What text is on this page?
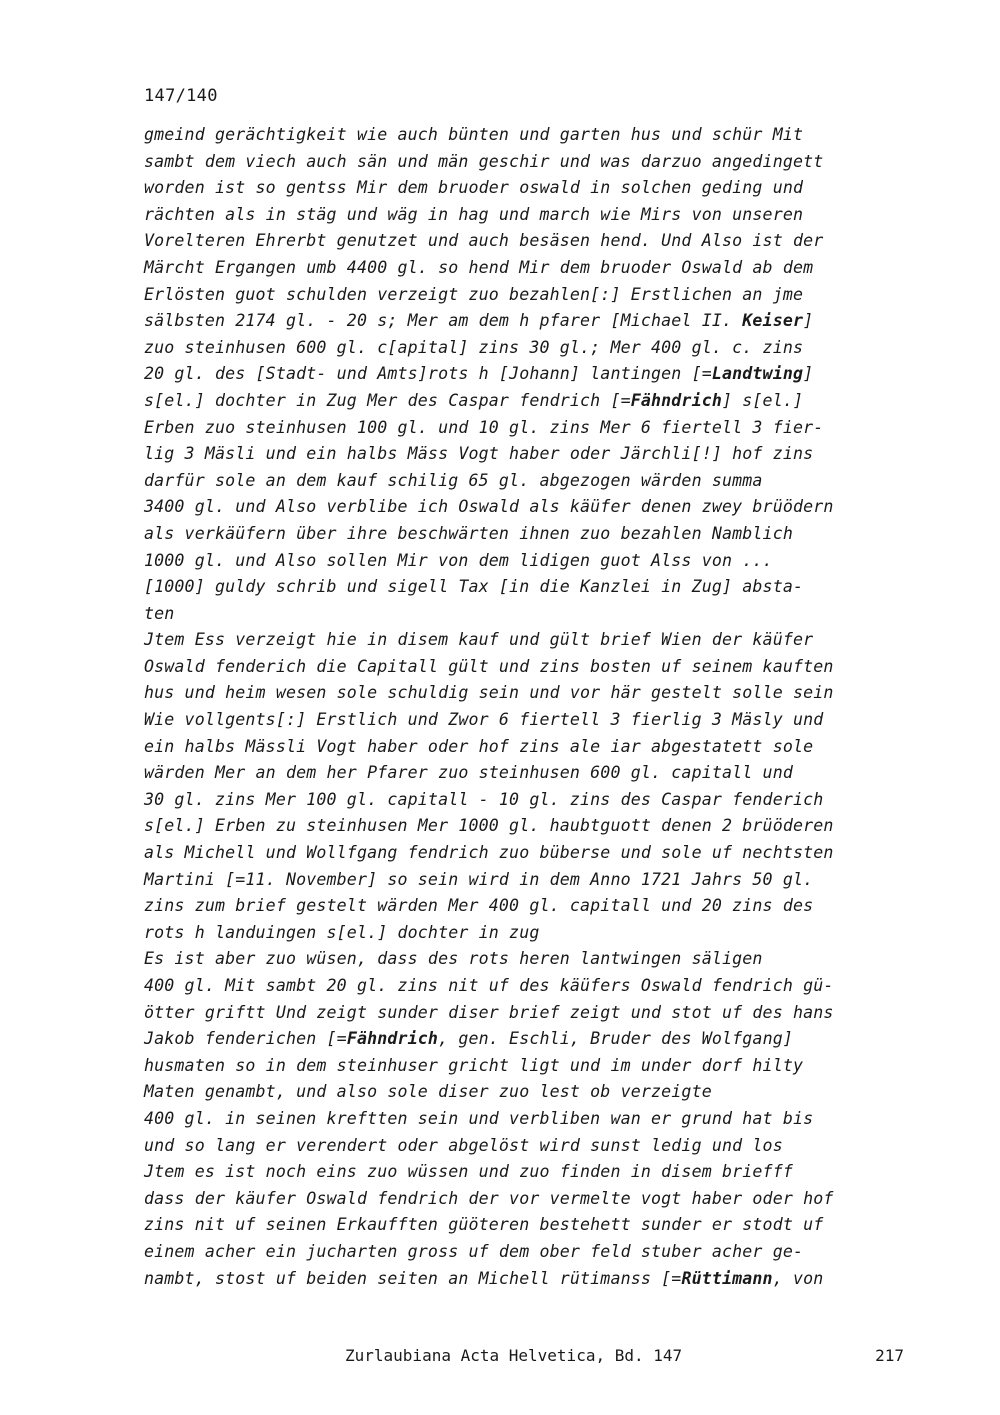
147/140
gmeind gerächtigkeit wie auch bünten und garten hus und schür Mit
sambt dem viech auch sän und män geschir und was darzuo angedingett
worden ist so gentss Mir dem bruoder oswald in solchen geding und
rächten als in stäg und wäg in hag und march wie Mirs von unseren
Vorelteren Ehrerbt genutzet und auch besäsen hend. Und Also ist der
Märcht Ergangen umb 4400 gl. so hend Mir dem bruoder Oswald ab dem
Erlösten guot schulden verzeigt zuo bezahlen[:] Erstlichen an jme
sälbsten 2174 gl. - 20 s; Mer am dem h pfarer [Michael II. Keiser]
zuo steinhusen 600 gl. c[apital] zins 30 gl.; Mer 400 gl. c. zins
20 gl. des [Stadt- und Amts]rots h [Johann] lantingen [=Landtwing]
s[el.] dochter in Zug Mer des Caspar fendrich [=Fähndrich] s[el.]
Erben zuo steinhusen 100 gl. und 10 gl. zins Mer 6 fiertell 3 fier-
lig 3 Mäsli und ein halbs Mäss Vogt haber oder Järchli[!] hof zins
darfür sole an dem kauf schilig 65 gl. abgezogen wärden summa
3400 gl. und Also verblibe ich Oswald als käüfer denen zwey brüödern
als verkäüfern über ihre beschwärten ihnen zuo bezahlen Namblich
1000 gl. und Also sollen Mir von dem lidigen guot Alss von ...
[1000] guldy schrib und sigell Tax [in die Kanzlei in Zug] absta-
ten
Jtem Ess verzeigt hie in disem kauf und gült brief Wien der käüfer
Oswald fenderich die Capitall gült und zins bosten uf seinem kauften
hus und heim wesen sole schuldig sein und vor här gestelt solle sein
Wie vollgents[:] Erstlich und Zwor 6 fiertell 3 fierlig 3 Mäsly und
ein halbs Mässli Vogt haber oder hof zins ale iar abgestatett sole
wärden Mer an dem her Pfarer zuo steinhusen 600 gl. capitall und
30 gl. zins Mer 100 gl. capitall - 10 gl. zins des Caspar fenderich
s[el.] Erben zu steinhusen Mer 1000 gl. haubtguott denen 2 brüöderen
als Michell und Wollfgang fendrich zuo büberse und sole uf nechtsten
Martini [=11. November] so sein wird in dem Anno 1721 Jahrs 50 gl.
zins zum brief gestelt wärden Mer 400 gl. capitall und 20 zins des
rots h landuingen s[el.] dochter in zug
Es ist aber zuo wüsen, dass des rots heren lantwingen säligen
400 gl. Mit sambt 20 gl. zins nit uf des käüfers Oswald fendrich gü-
ötter griftt Und zeigt sunder diser brief zeigt und stot uf des hans
Jakob fenderichen [=Fähndrich, gen. Eschli, Bruder des Wolfgang]
husmaten so in dem steinhuser gricht ligt und im under dorf hilty
Maten genambt, und also sole diser zuo lest ob verzeigte
400 gl. in seinen kreftten sein und verbliben wan er grund hat bis
und so lang er verendert oder abgelöst wird sunst ledig und los
Jtem es ist noch eins zuo wüssen und zuo finden in disem briefff
dass der käufer Oswald fendrich der vor vermelte vogt haber oder hof
zins nit uf seinen Erkaufften güöteren bestehett sunder er stodt uf
einem acher ein jucharten gross uf dem ober feld stuber acher ge-
nambt, stost uf beiden seiten an Michell rütimanss [=Rüttimann, von
Zurlaubiana Acta Helvetica, Bd. 147	217
